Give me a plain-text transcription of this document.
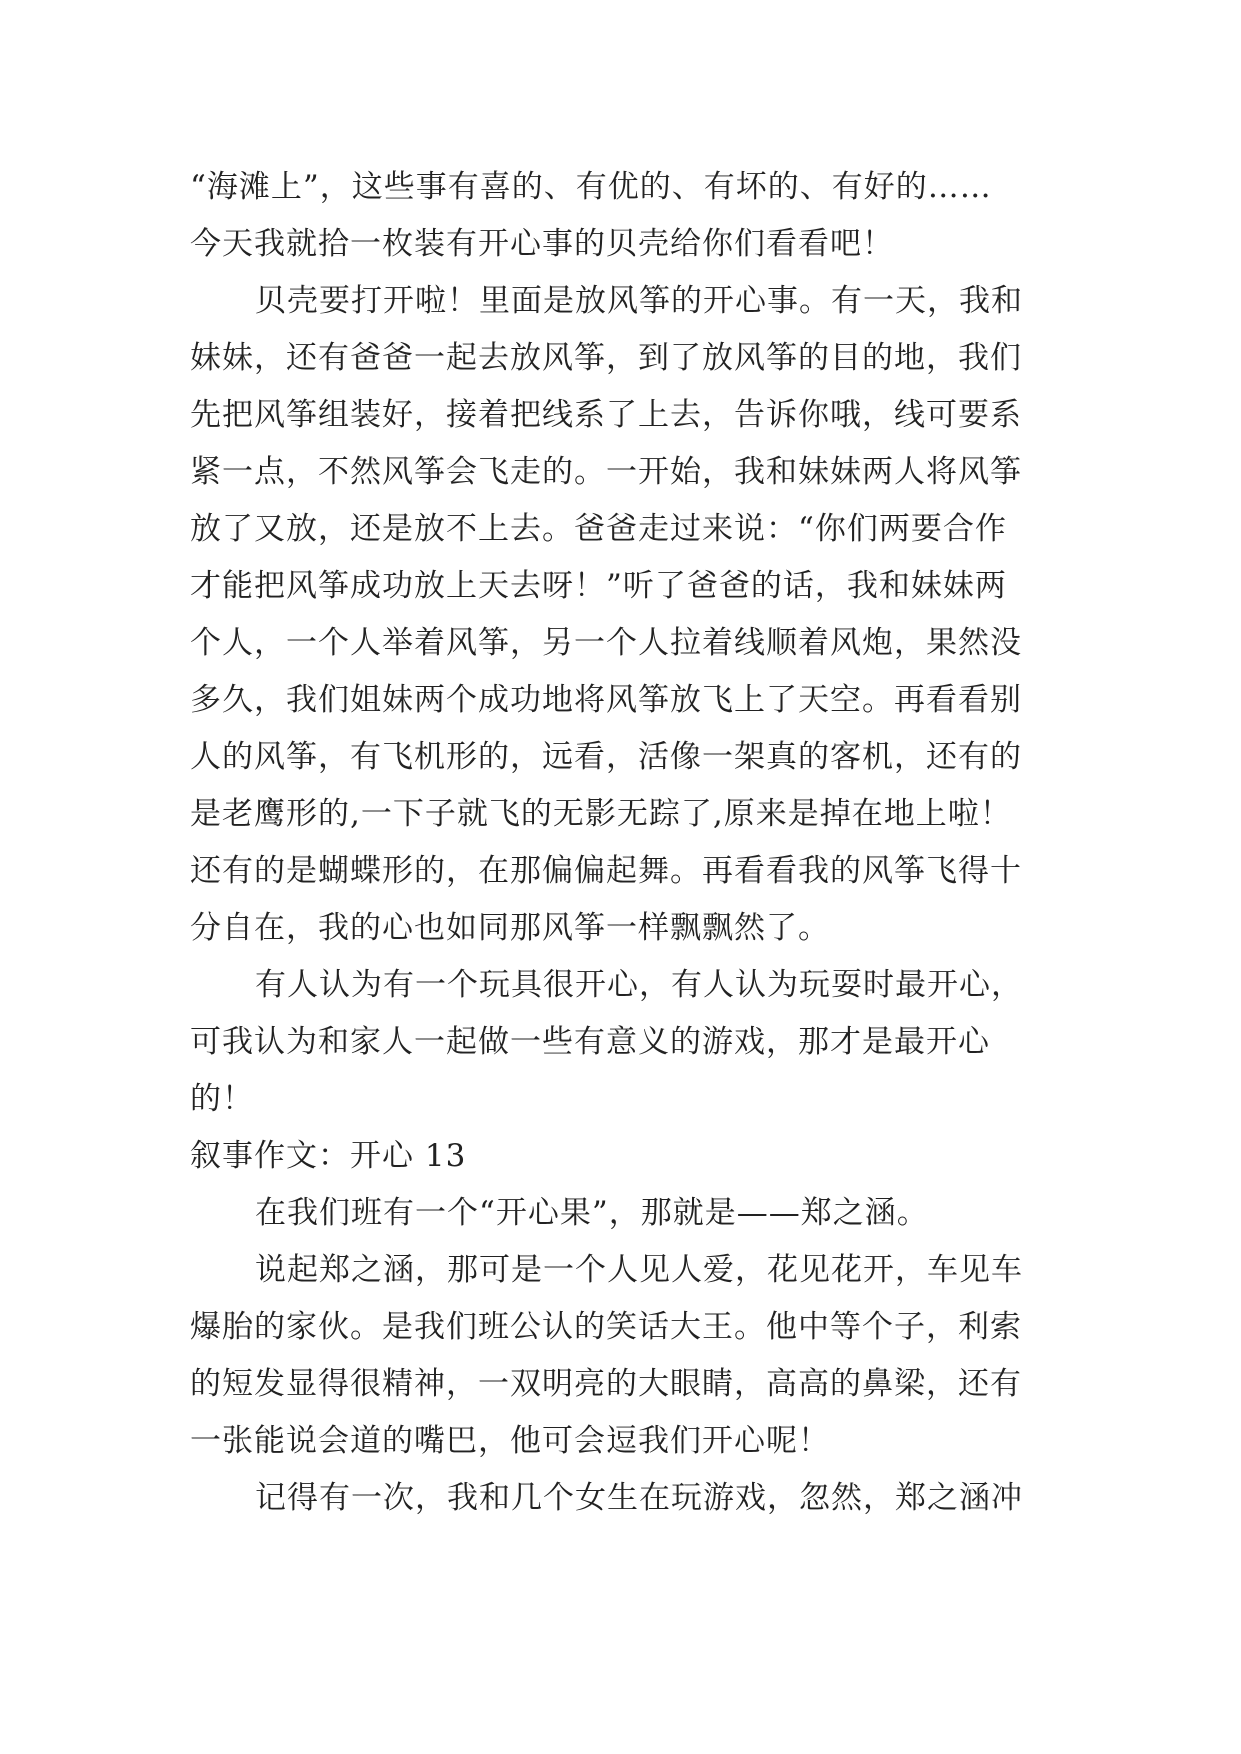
“海滩上”，这些事有喜的、有优的、有坏的、有好的……
今天我就拾一枚装有开心事的贝壳给你们看看吧！
贝壳要打开啦！里面是放风筝的开心事。有一天，我和
妹妹，还有爸爸一起去放风筝，到了放风筝的目的地，我们
先把风筝组装好，接着把线系了上去，告诉你哦，线可要系
紧一点，不然风筝会飞走的。一开始，我和妹妹两人将风筝
放了又放，还是放不上去。爸爸走过来说：“你们两要合作
才能把风筝成功放上天去呀！”听了爸爸的话，我和妹妹两
个人，一个人举着风筝，另一个人拉着线顺着风炮，果然没
多久，我们姐妹两个成功地将风筝放飞上了天空。再看看别
人的风筝，有飞机形的，远看，活像一架真的客机，还有的
是老鹰形的,一下子就飞的无影无踪了,原来是掉在地上啦！
还有的是蝴蝶形的，在那偏偏起舞。再看看我的风筝飞得十
分自在，我的心也如同那风筝一样飘飘然了。
有人认为有一个玩具很开心，有人认为玩耍时最开心，
可我认为和家人一起做一些有意义的游戏，那才是最开心
的！
叙事作文：开心 13
在我们班有一个“开心果”，那就是——郑之涵。
说起郑之涵，那可是一个人见人爱，花见花开，车见车
爆胎的家伙。是我们班公认的笑话大王。他中等个子，利索
的短发显得很精神，一双明亮的大眼睛，高高的鼻梁，还有
一张能说会道的嘴巴，他可会逗我们开心呢！
记得有一次，我和几个女生在玩游戏，忽然，郑之涵冲
